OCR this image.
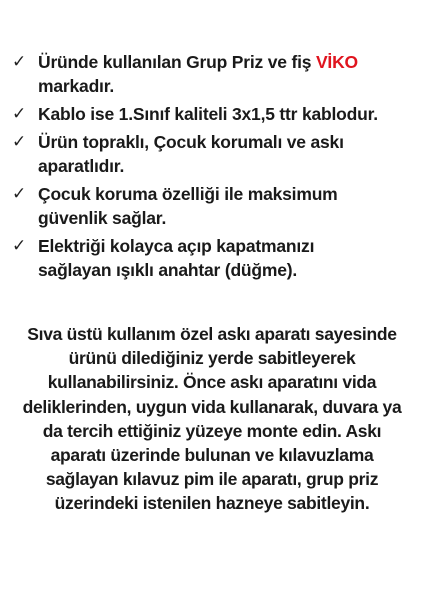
✓ Üründe kullanılan Grup Priz ve fiş VİKO
markadır.
✓ Kablo ise 1.Sınıf kaliteli 3x1,5 ttr kablodur.
✓ Ürün topraklı, Çocuk korumalı ve askı
aparatlıdır.
✓ Çocuk koruma özelliği ile maksimum
güvenlik sağlar.
✓ Elektriği kolayca açıp kapatmanızı
sağlayan ışıklı anahtar (düğme).

Sıva üstü kullanım özel askı aparatı sayesinde
ürünü dilediğiniz yerde sabitleyerek
kullanabilirsiniz. Önce askı aparatını vida
deliklerinden, uygun vida kullanarak, duvara ya
da tercih ettiğiniz yüzeye monte edin. Askı
aparatı üzerinde bulunan ve kılavuzlama
sağlayan kılavuz pim ile aparatı, grup priz
üzerindeki istenilen hazneye sabitleyin.
